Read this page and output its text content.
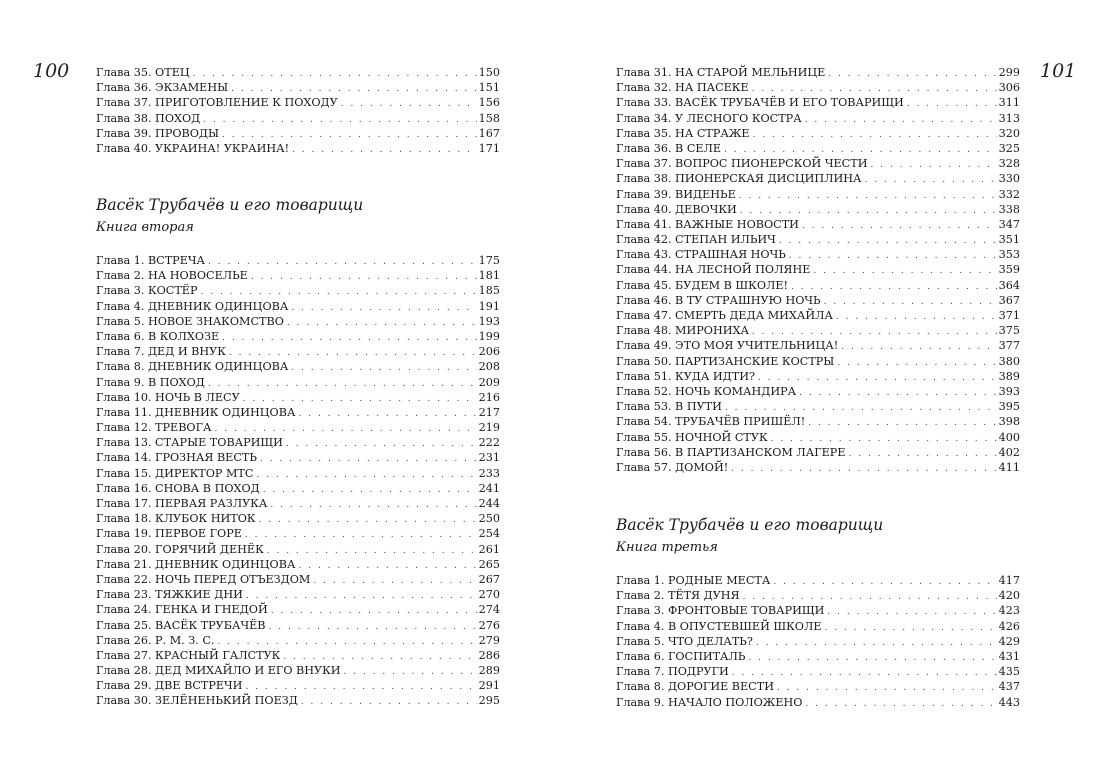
100 Глава 35. ОТЕЦ . . .	150
Глава 36. ЭКЗАМЕНЫ . . .	151
Глава 37. ПРИГОТОВЛЕНИЕ К ПОХОДУ . . .	156
Глава 38. ПОХОД . . .	158
Глава 39. ПРОВОДЫ . . .	167
Глава 40. УКРАИНА! УКРАИНА! . . .	171
Васёк Трубачёв и его товарищи
Книга вторая
Глава 1. ВСТРЕЧА . . .	175
Глава 2. НА НОВОСЕЛЬЕ . . .	181
Глава 3. КОСТЁР . . .	185
Глава 4. ДНЕВНИК ОДИНЦОВА . . .	191
Глава 5. НОВОЕ ЗНАКОМСТВО . . .	193
Глава 6. В КОЛХОЗЕ . . .	199
Глава 7. ДЕД И ВНУК . . .	206
Глава 8. ДНЕВНИК ОДИНЦОВА . . .	208
Глава 9. В ПОХОД . . .	209
Глава 10. НОЧЬ В ЛЕСУ . . .	216
Глава 11. ДНЕВНИК ОДИНЦОВА . . .	217
Глава 12. ТРЕВОГА . . .	219
Глава 13. СТАРЫЕ ТОВАРИЩИ . . .	222
Глава 14. ГРОЗНАЯ ВЕСТЬ . . .	231
Глава 15. ДИРЕКТОР МТС . . .	233
Глава 16. СНОВА В ПОХОД . . .	241
Глава 17. ПЕРВАЯ РАЗЛУКА . . .	244
Глава 18. КЛУБОК НИТОК . . .	250
Глава 19. ПЕРВОЕ ГОРЕ . . .	254
Глава 20. ГОРЯЧИЙ ДЕНЁК . . .	261
Глава 21. ДНЕВНИК ОДИНЦОВА . . .	265
Глава 22. НОЧЬ ПЕРЕД ОТЪЕЗДОМ . . .	267
Глава 23. ТЯЖКИЕ ДНИ . . .	270
Глава 24. ГЕНКА И ГНЕДОЙ . . .	274
Глава 25. ВАСЁК ТРУБАЧЁВ . . .	276
Глава 26. Р. М. З. С. . . .	279
Глава 27. КРАСНЫЙ ГАЛСТУК . . .	286
Глава 28. ДЕД МИХАЙЛО И ЕГО ВНУКИ . . .	289
Глава 29. ДВЕ ВСТРЕЧИ . . .	291
Глава 30. ЗЕЛЁНЕНЬКИЙ ПОЕЗД . . .	295
101
Глава 31. НА СТАРОЙ МЕЛЬНИЦЕ . . .	299
Глава 32. НА ПАСЕКЕ . . .	306
Глава 33. ВАСЁК ТРУБАЧЁВ И ЕГО ТОВАРИЩИ . . .	311
Глава 34. У ЛЕСНОГО КОСТРА . . .	313
Глава 35. НА СТРАЖЕ . . .	320
Глава 36. В СЕЛЕ . . .	325
Глава 37. ВОПРОС ПИОНЕРСКОЙ ЧЕСТИ . . .	328
Глава 38. ПИОНЕРСКАЯ ДИСЦИПЛИНА . . .	330
Глава 39. ВИДЕНЬЕ . . .	332
Глава 40. ДЕВОЧКИ . . .	338
Глава 41. ВАЖНЫЕ НОВОСТИ . . .	347
Глава 42. СТЕПАН ИЛЬИЧ . . .	351
Глава 43. СТРАШНАЯ НОЧЬ . . .	353
Глава 44. НА ЛЕСНОЙ ПОЛЯНЕ . . .	359
Глава 45. БУДЕМ В ШКОЛЕ! . . .	364
Глава 46. В ТУ СТРАШНУЮ НОЧЬ . . .	367
Глава 47. СМЕРТЬ ДЕДА МИХАЙЛА . . .	371
Глава 48. МИРОНИХА . . .	375
Глава 49. ЭТО МОЯ УЧИТЕЛЬНИЦА! . . .	377
Глава 50. ПАРТИЗАНСКИЕ КОСТРЫ . . .	380
Глава 51. КУДА ИДТИ? . . .	389
Глава 52. НОЧЬ КОМАНДИРА . . .	393
Глава 53. В ПУТИ . . .	395
Глава 54. ТРУБАЧЁВ ПРИШЁЛ! . . .	398
Глава 55. НОЧНОЙ СТУК . . .	400
Глава 56. В ПАРТИЗАНСКОМ ЛАГЕРЕ . . .	402
Глава 57. ДОМОЙ! . . .	411
Васёк Трубачёв и его товарищи
Книга третья
Глава 1. РОДНЫЕ МЕСТА . . .	417
Глава 2. ТЁТЯ ДУНЯ . . .	420
Глава 3. ФРОНТОВЫЕ ТОВАРИЩИ . . .	423
Глава 4. В ОПУСТЕВШЕЙ ШКОЛЕ . . .	426
Глава 5. ЧТО ДЕЛАТЬ? . . .	429
Глава 6. ГОСПИТАЛЬ . . .	431
Глава 7. ПОДРУГИ . . .	435
Глава 8. ДОРОГИЕ ВЕСТИ . . .	437
Глава 9. НАЧАЛО ПОЛОЖЕНО . . .	443
